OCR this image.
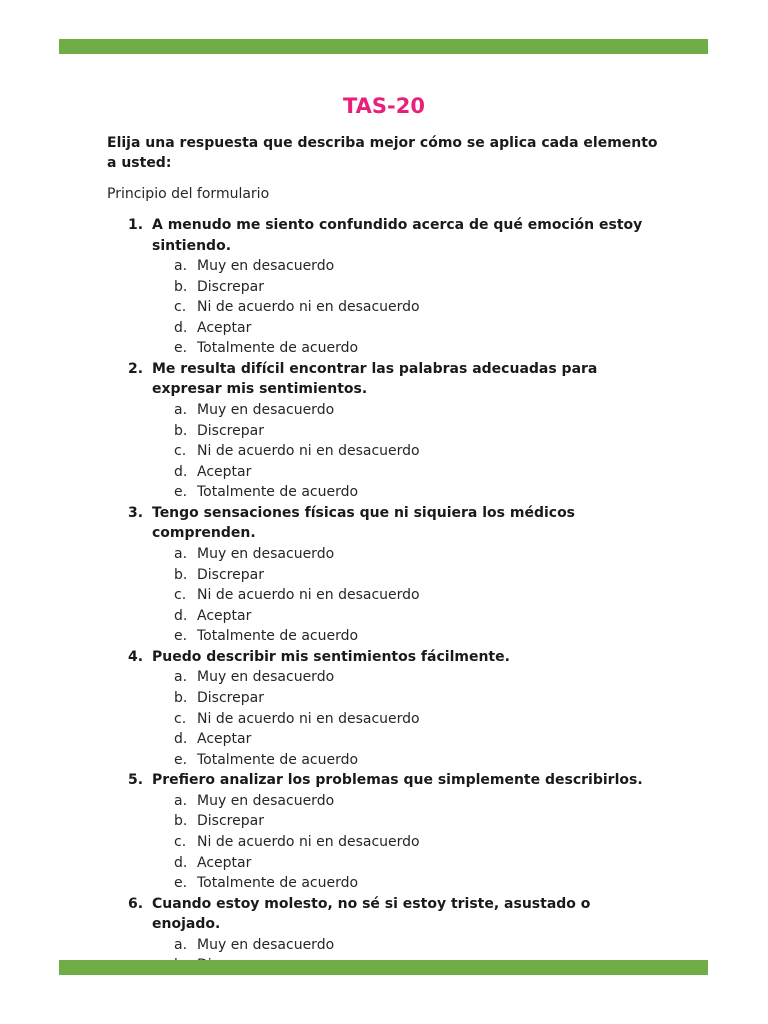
TAS-20
Elija una respuesta que describa mejor cómo se aplica cada elemento a usted:
Principio del formulario
1. A menudo me siento confundido acerca de qué emoción estoy sintiendo.
a. Muy en desacuerdo
b. Discrepar
c. Ni de acuerdo ni en desacuerdo
d. Aceptar
e. Totalmente de acuerdo
2. Me resulta difícil encontrar las palabras adecuadas para expresar mis sentimientos.
a. Muy en desacuerdo
b. Discrepar
c. Ni de acuerdo ni en desacuerdo
d. Aceptar
e. Totalmente de acuerdo
3. Tengo sensaciones físicas que ni siquiera los médicos comprenden.
a. Muy en desacuerdo
b. Discrepar
c. Ni de acuerdo ni en desacuerdo
d. Aceptar
e. Totalmente de acuerdo
4. Puedo describir mis sentimientos fácilmente.
a. Muy en desacuerdo
b. Discrepar
c. Ni de acuerdo ni en desacuerdo
d. Aceptar
e. Totalmente de acuerdo
5. Prefiero analizar los problemas que simplemente describirlos.
a. Muy en desacuerdo
b. Discrepar
c. Ni de acuerdo ni en desacuerdo
d. Aceptar
e. Totalmente de acuerdo
6. Cuando estoy molesto, no sé si estoy triste, asustado o enojado.
a. Muy en desacuerdo
